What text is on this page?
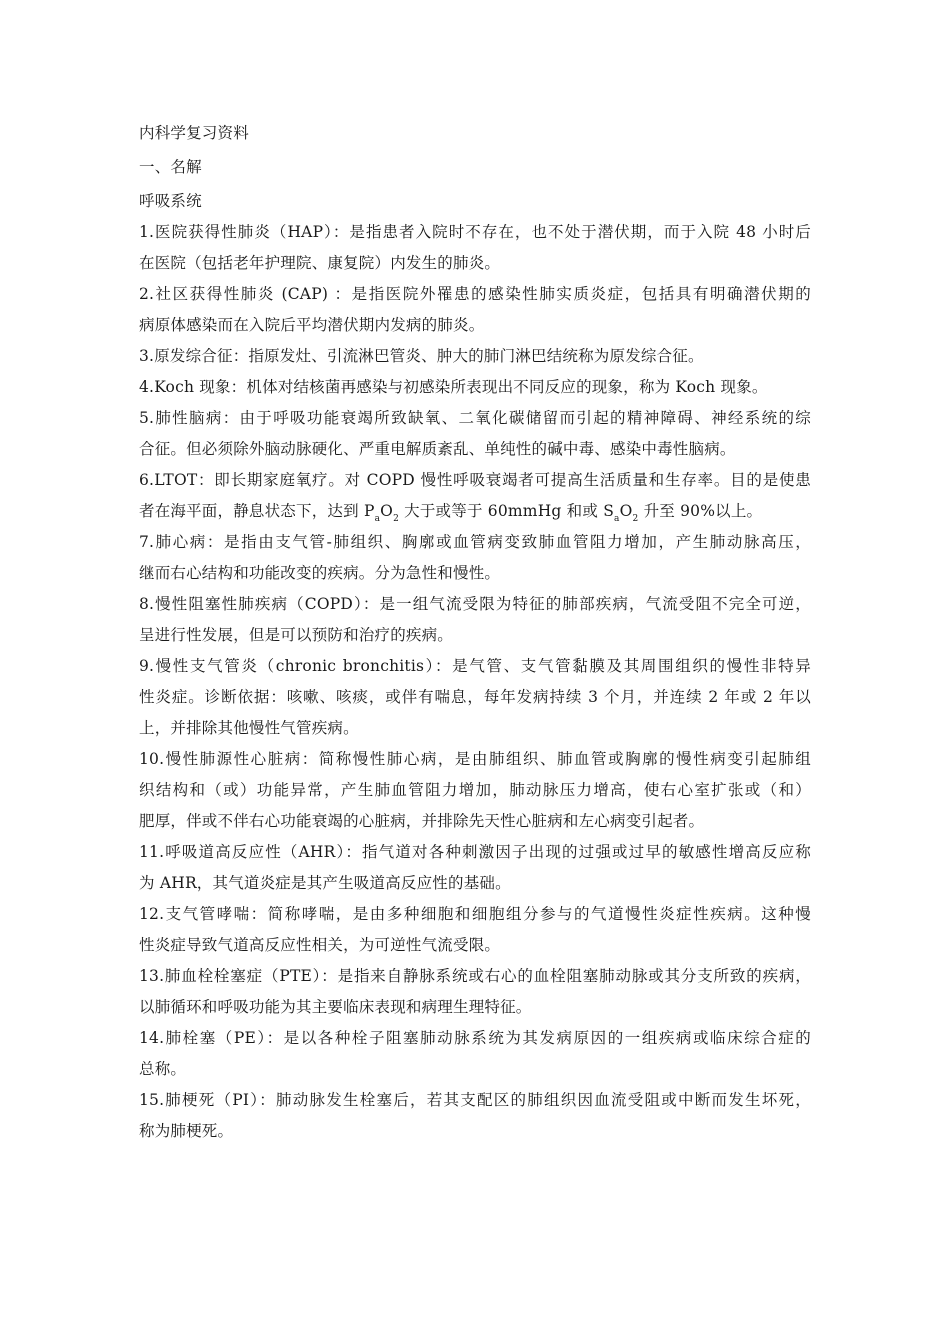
内科学复习资料
一、名解
呼吸系统
1.医院获得性肺炎（HAP）：是指患者入院时不存在，也不处于潜伏期，而于入院 48 小时后
在医院（包括老年护理院、康复院）内发生的肺炎。
2.社区获得性肺炎 (CAP) ：是指医院外罹患的感染性肺实质炎症，包括具有明确潜伏期的
病原体感染而在入院后平均潜伏期内发病的肺炎。
3.原发综合征：指原发灶、引流淋巴管炎、肿大的肺门淋巴结统称为原发综合征。
4.Koch 现象：机体对结核菌再感染与初感染所表现出不同反应的现象，称为 Koch 现象。
5.肺性脑病：由于呼吸功能衰竭所致缺氧、二氧化碳储留而引起的精神障碍、神经系统的综
合征。但必须除外脑动脉硬化、严重电解质紊乱、单纯性的碱中毒、感染中毒性脑病。
6.LTOT：即长期家庭氧疗。对 COPD 慢性呼吸衰竭者可提高生活质量和生存率。目的是使患
者在海平面，静息状态下，达到 $P_aO_2$ 大于或等于 60mmHg 和或 $S_aO_2$ 升至 90%以上。
7.肺心病：是指由支气管-肺组织、胸廓或血管病变致肺血管阻力增加，产生肺动脉高压，
继而右心结构和功能改变的疾病。分为急性和慢性。
8.慢性阻塞性肺疾病（COPD）：是一组气流受限为特征的肺部疾病，气流受阻不完全可逆，
呈进行性发展，但是可以预防和治疗的疾病。
9.慢性支气管炎（chronic bronchitis）：是气管、支气管黏膜及其周围组织的慢性非特异
性炎症。诊断依据：咳嗽、咳痰，或伴有喘息，每年发病持续 3 个月，并连续 2 年或 2 年以
上，并排除其他慢性气管疾病。
10.慢性肺源性心脏病：简称慢性肺心病，是由肺组织、肺血管或胸廓的慢性病变引起肺组
织结构和（或）功能异常，产生肺血管阻力增加，肺动脉压力增高，使右心室扩张或（和）
肥厚，伴或不伴右心功能衰竭的心脏病，并排除先天性心脏病和左心病变引起者。
11.呼吸道高反应性（AHR）：指气道对各种刺激因子出现的过强或过早的敏感性增高反应称
为 AHR，其气道炎症是其产生吸道高反应性的基础。
12.支气管哮喘：简称哮喘，是由多种细胞和细胞组分参与的气道慢性炎症性疾病。这种慢
性炎症导致气道高反应性相关，为可逆性气流受限。
13.肺血栓栓塞症（PTE）：是指来自静脉系统或右心的血栓阻塞肺动脉或其分支所致的疾病，
以肺循环和呼吸功能为其主要临床表现和病理生理特征。
14.肺栓塞（PE）：是以各种栓子阻塞肺动脉系统为其发病原因的一组疾病或临床综合症的
总称。
15.肺梗死（PI）：肺动脉发生栓塞后，若其支配区的肺组织因血流受阻或中断而发生坏死，
称为肺梗死。
